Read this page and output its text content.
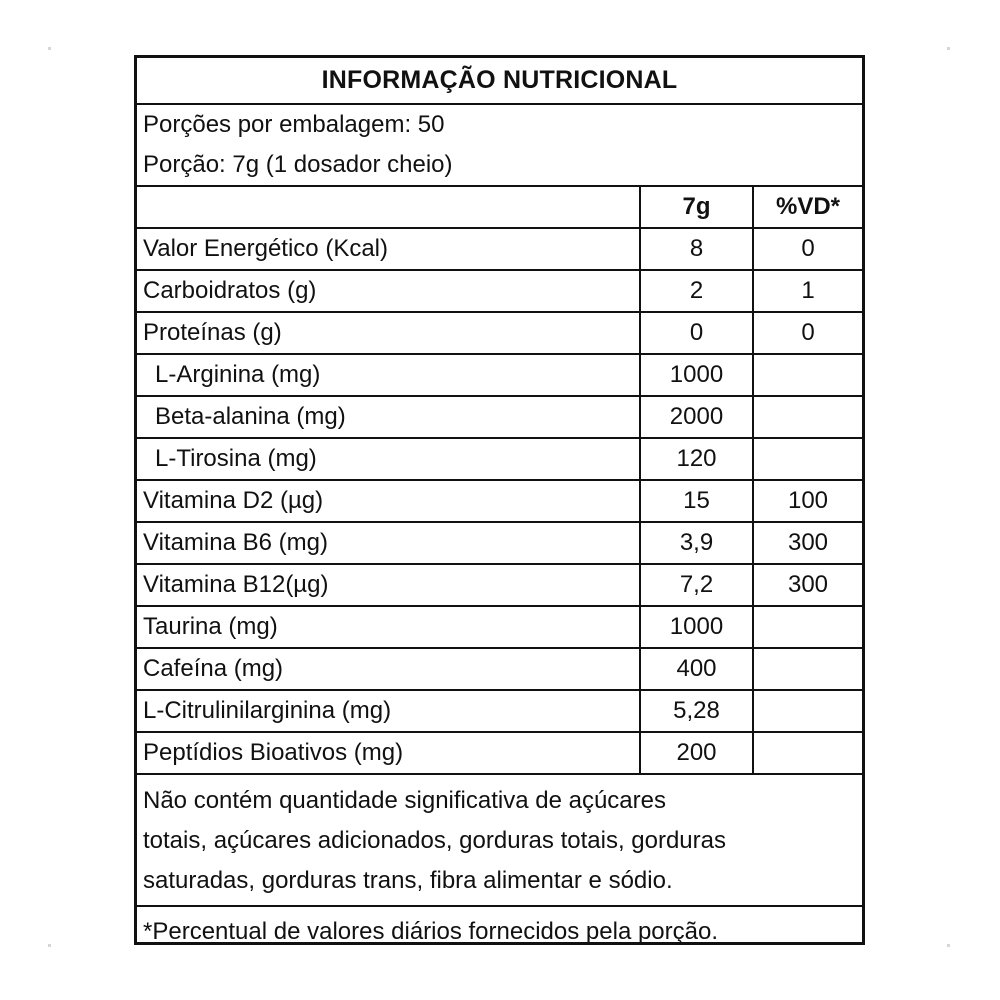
INFORMAÇÃO NUTRICIONAL
Porções por embalagem: 50
Porção: 7g (1 dosador cheio)
	7g	%VD*
Valor Energético (Kcal)	8	0
Carboidratos (g)	2	1
Proteínas (g)	0	0
L-Arginina (mg)	1000	
Beta-alanina (mg)	2000	
L-Tirosina (mg)	120	
Vitamina D2 (µg)	15	100
Vitamina B6 (mg)	3,9	300
Vitamina B12(µg)	7,2	300
Taurina (mg)	1000	
Cafeína (mg)	400	
L-Citrulinilarginina (mg)	5,28	
Peptídios Bioativos (mg)	200	
Não contém quantidade significativa de açúcares
totais, açúcares adicionados, gorduras totais, gorduras
saturadas, gorduras trans, fibra alimentar e sódio.
*Percentual de valores diários fornecidos pela porção.
